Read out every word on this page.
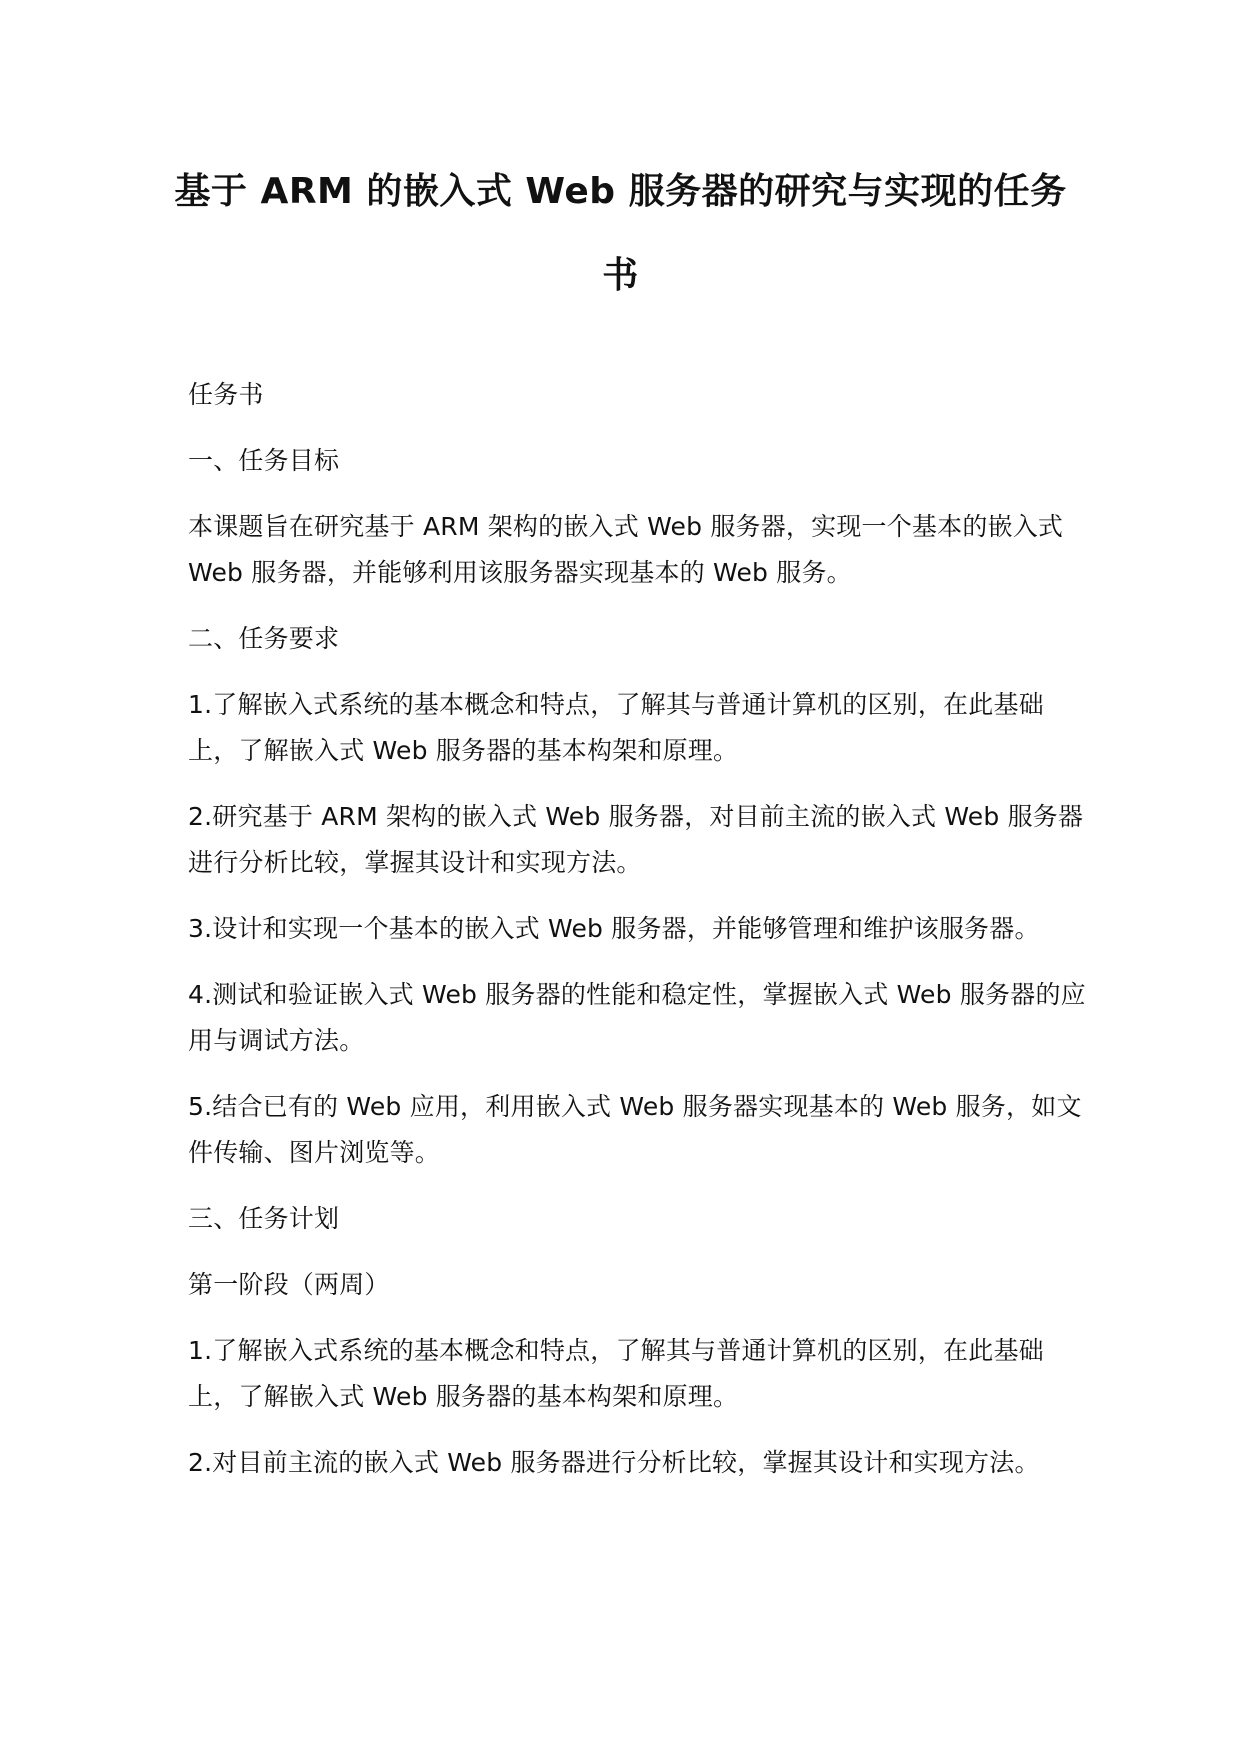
基于 ARM 的嵌入式 Web 服务器的研究与实现的任务书

任务书

一、任务目标

本课题旨在研究基于 ARM 架构的嵌入式 Web 服务器，实现一个基本的嵌入式 Web 服务器，并能够利用该服务器实现基本的 Web 服务。

二、任务要求

1.了解嵌入式系统的基本概念和特点，了解其与普通计算机的区别，在此基础上，了解嵌入式 Web 服务器的基本构架和原理。

2.研究基于 ARM 架构的嵌入式 Web 服务器，对目前主流的嵌入式 Web 服务器进行分析比较，掌握其设计和实现方法。

3.设计和实现一个基本的嵌入式 Web 服务器，并能够管理和维护该服务器。

4.测试和验证嵌入式 Web 服务器的性能和稳定性，掌握嵌入式 Web 服务器的应用与调试方法。

5.结合已有的 Web 应用，利用嵌入式 Web 服务器实现基本的 Web 服务，如文件传输、图片浏览等。

三、任务计划

第一阶段（两周）

1.了解嵌入式系统的基本概念和特点，了解其与普通计算机的区别，在此基础上，了解嵌入式 Web 服务器的基本构架和原理。

2.对目前主流的嵌入式 Web 服务器进行分析比较，掌握其设计和实现方法。
